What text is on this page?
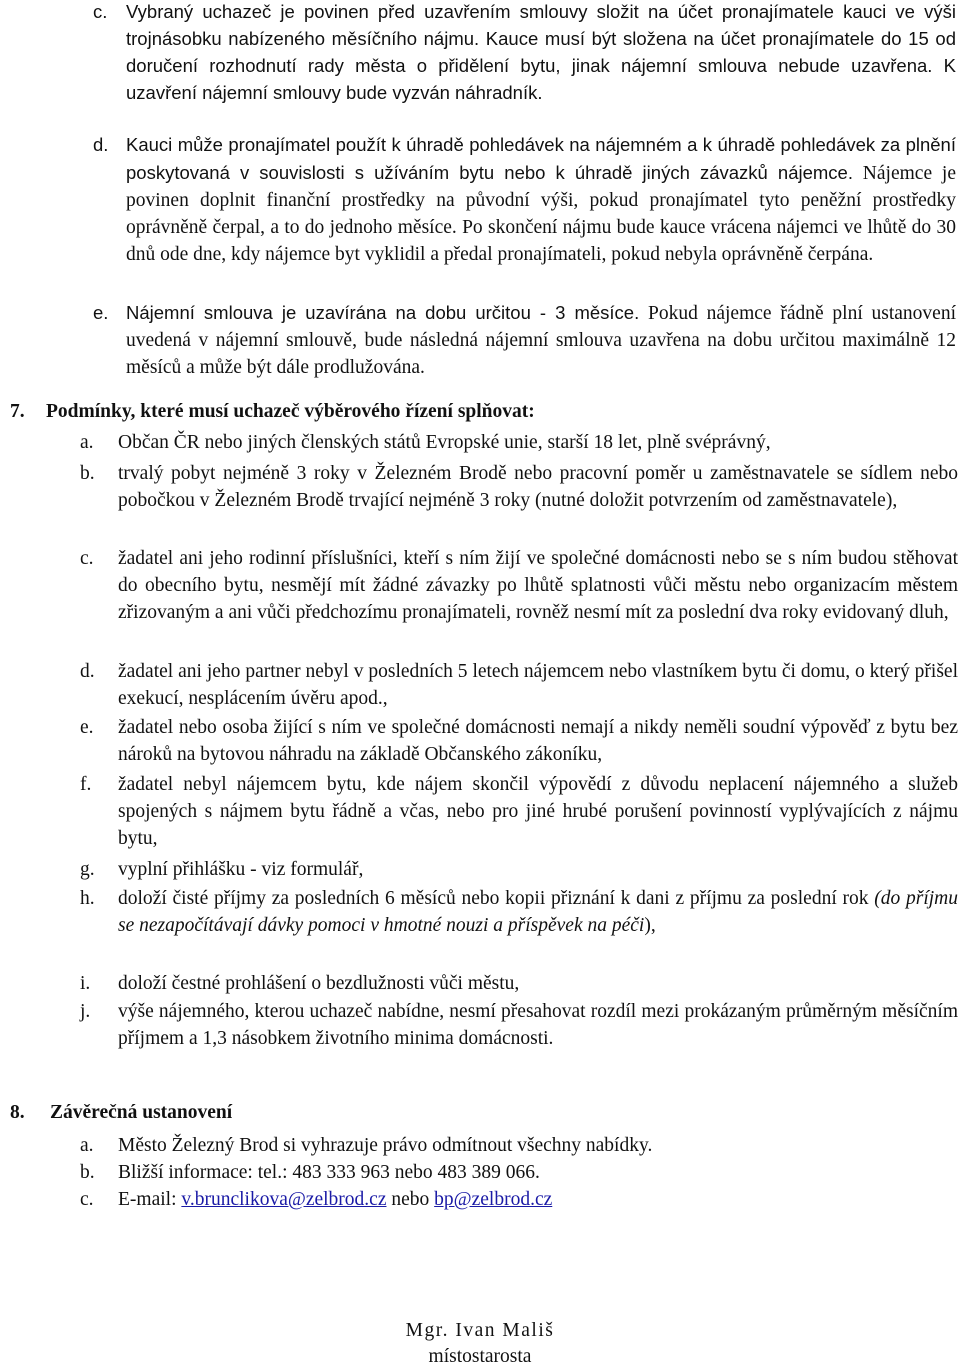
c. Vybraný uchazeč je povinen před uzavřením smlouvy složit na účet pronajímatele kauci ve výši trojnásobku nabízeného měsíčního nájmu. Kauce musí být složena na účet pronajímatele do 15 od doručení rozhodnutí rady města o přidělení bytu, jinak nájemní smlouva nebude uzavřena. K uzavření nájemní smlouvy bude vyzván náhradník.
d. Kauci může pronajímatel použít k úhradě pohledávek na nájemném a k úhradě pohledávek za plnění poskytovaná v souvislosti s užíváním bytu nebo k úhradě jiných závazků nájemce. Nájemce je povinen doplnit finanční prostředky na původní výši, pokud pronajímatel tyto peněžní prostředky oprávněně čerpal, a to do jednoho měsíce. Po skončení nájmu bude kauce vrácena nájemci ve lhůtě do 30 dnů ode dne, kdy nájemce byt vyklidil a předal pronajímateli, pokud nebyla oprávněně čerpána.
e. Nájemní smlouva je uzavírána na dobu určitou - 3 měsíce. Pokud nájemce řádně plní ustanovení uvedená v nájemní smlouvě, bude následná nájemní smlouva uzavřena na dobu určitou maximálně 12 měsíců a může být dále prodlužována.
7. Podmínky, které musí uchazeč výběrového řízení splňovat:
a. Občan ČR nebo jiných členských států Evropské unie, starší 18 let, plně svéprávný,
b. trvalý pobyt nejméně 3 roky v Železném Brodě nebo pracovní poměr u zaměstnavatele se sídlem nebo pobočkou v Železném Brodě trvající nejméně 3 roky (nutné doložit potvrzením od zaměstnavatele),
c. žadatel ani jeho rodinní příslušníci, kteří s ním žijí ve společné domácnosti nebo se s ním budou stěhovat do obecního bytu, nesmějí mít žádné závazky po lhůtě splatnosti vůči městu nebo organizacím městem zřizovaným a ani vůči předchozímu pronajímateli, rovněž nesmí mít za poslední dva roky evidovaný dluh,
d. žadatel ani jeho partner nebyl v posledních 5 letech nájemcem nebo vlastníkem bytu či domu, o který přišel exekucí, nesplácením úvěru apod.,
e. žadatel nebo osoba žijící s ním ve společné domácnosti nemají a nikdy neměli soudní výpověď z bytu bez nároků na bytovou náhradu na základě Občanského zákoníku,
f. žadatel nebyl nájemcem bytu, kde nájem skončil výpovědí z důvodu neplacení nájemného a služeb spojených s nájmem bytu řádně a včas, nebo pro jiné hrubé porušení povinností vyplývajících z nájmu bytu,
g. vyplní přihlášku - viz formulář,
h. doloží čisté příjmy za posledních 6 měsíců nebo kopii přiznání k dani z příjmu za poslední rok (do příjmu se nezapočítávají dávky pomoci v hmotné nouzi a příspěvek na péči),
i. doloží čestné prohlášení o bezdlužnosti vůči městu,
j. výše nájemného, kterou uchazeč nabídne, nesmí přesahovat rozdíl mezi prokázaným průměrným měsíčním příjmem a 1,3 násobkem životního minima domácnosti.
8. Závěrečná ustanovení
a. Město Železný Brod si vyhrazuje právo odmítnout všechny nabídky.
b. Bližší informace: tel.: 483 333 963 nebo 483 389 066.
c. E-mail: v.brunclikova@zelbrod.cz nebo bp@zelbrod.cz
Mgr. Ivan Mališ
místostarosta
